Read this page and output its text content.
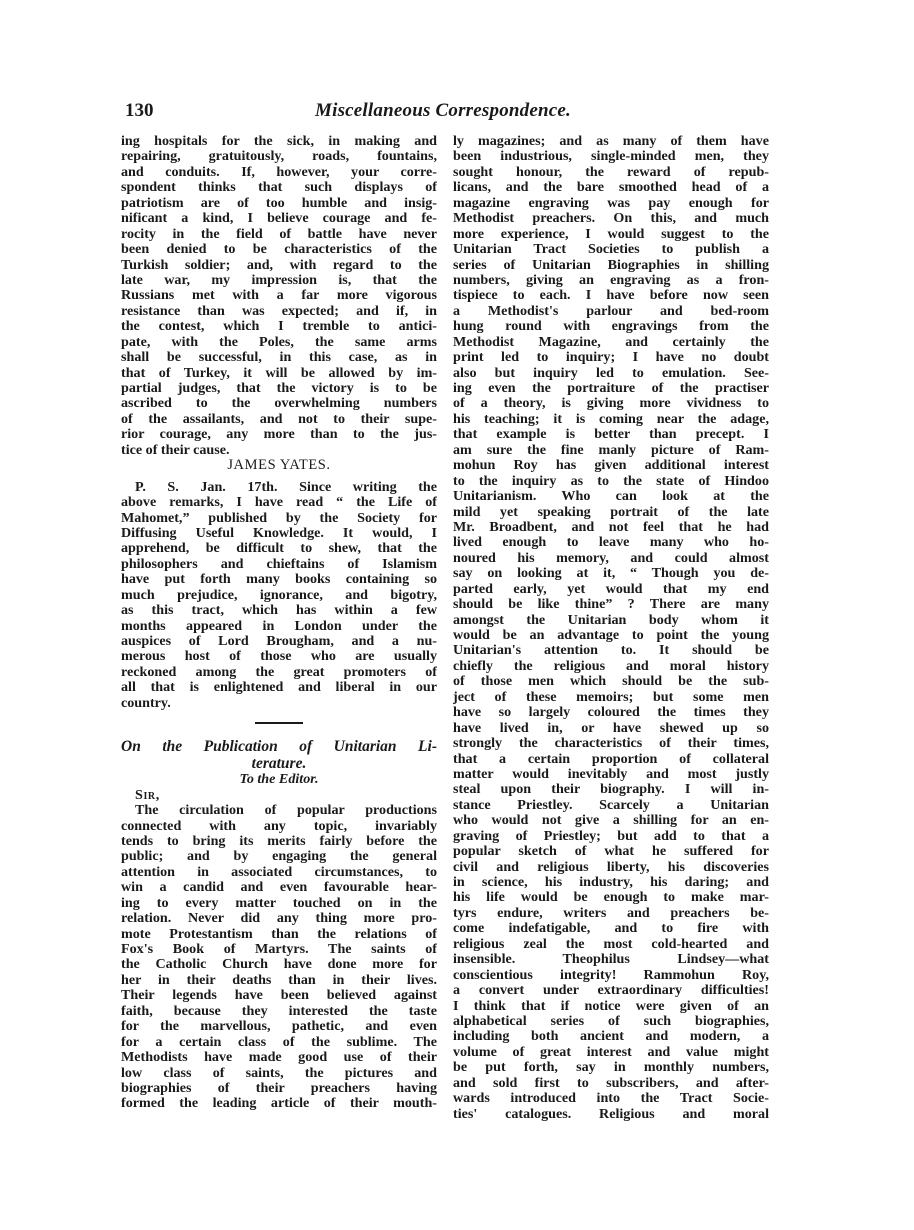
130	Miscellaneous Correspondence.
ing hospitals for the sick, in making and
repairing, gratuitously, roads, fountains,
and conduits. If, however, your corre-
spondent thinks that such displays of
patriotism are of too humble and insig-
nificant a kind, I believe courage and fe-
rocity in the field of battle have never
been denied to be characteristics of the
Turkish soldier; and, with regard to the
late war, my impression is, that the
Russians met with a far more vigorous
resistance than was expected; and if, in
the contest, which I tremble to antici-
pate, with the Poles, the same arms
shall be successful, in this case, as in
that of Turkey, it will be allowed by im-
partial judges, that the victory is to be
ascribed to the overwhelming numbers
of the assailants, and not to their supe-
rior courage, any more than to the jus-
tice of their cause.
JAMES YATES.
P. S. Jan. 17th. Since writing the
above remarks, I have read “ the Life of
Mahomet,” published by the Society for
Diffusing Useful Knowledge. It would, I
apprehend, be difficult to shew, that the
philosophers and chieftains of Islamism
have put forth many books containing so
much prejudice, ignorance, and bigotry,
as this tract, which has within a few
months appeared in London under the
auspices of Lord Brougham, and a nu-
merous host of those who are usually
reckoned among the great promoters of
all that is enlightened and liberal in our
country.
On the Publication of Unitarian Li-
terature.
To the Editor.
Sir,
The circulation of popular productions
connected with any topic, invariably
tends to bring its merits fairly before the
public; and by engaging the general
attention in associated circumstances, to
win a candid and even favourable hear-
ing to every matter touched on in the
relation. Never did any thing more pro-
mote Protestantism than the relations of
Fox's Book of Martyrs. The saints of
the Catholic Church have done more for
her in their deaths than in their lives.
Their legends have been believed against
faith, because they interested the taste
for the marvellous, pathetic, and even
for a certain class of the sublime. The
Methodists have made good use of their
low class of saints, the pictures and
biographies of their preachers having
formed the leading article of their mouth-
ly magazines; and as many of them have
been industrious, single-minded men, they
sought honour, the reward of repub-
licans, and the bare smoothed head of a
magazine engraving was pay enough for
Methodist preachers. On this, and much
more experience, I would suggest to the
Unitarian Tract Societies to publish a
series of Unitarian Biographies in shilling
numbers, giving an engraving as a fron-
tispiece to each. I have before now seen
a Methodist's parlour and bed-room
hung round with engravings from the
Methodist Magazine, and certainly the
print led to inquiry; I have no doubt
also but inquiry led to emulation. See-
ing even the portraiture of the practiser
of a theory, is giving more vividness to
his teaching; it is coming near the adage,
that example is better than precept. I
am sure the fine manly picture of Ram-
mohun Roy has given additional interest
to the inquiry as to the state of Hindoo
Unitarianism. Who can look at the
mild yet speaking portrait of the late
Mr. Broadbent, and not feel that he had
lived enough to leave many who ho-
noured his memory, and could almost
say on looking at it, “ Though you de-
parted early, yet would that my end
should be like thine” ? There are many
amongst the Unitarian body whom it
would be an advantage to point the young
Unitarian's attention to. It should be
chiefly the religious and moral history
of those men which should be the sub-
ject of these memoirs; but some men
have so largely coloured the times they
have lived in, or have shewed up so
strongly the characteristics of their times,
that a certain proportion of collateral
matter would inevitably and most justly
steal upon their biography. I will in-
stance Priestley. Scarcely a Unitarian
who would not give a shilling for an en-
graving of Priestley; but add to that a
popular sketch of what he suffered for
civil and religious liberty, his discoveries
in science, his industry, his daring; and
his life would be enough to make mar-
tyrs endure, writers and preachers be-
come indefatigable, and to fire with
religious zeal the most cold-hearted and
insensible. Theophilus Lindsey—what
conscientious integrity! Rammohun Roy,
a convert under extraordinary difficulties!
I think that if notice were given of an
alphabetical series of such biographies,
including both ancient and modern, a
volume of great interest and value might
be put forth, say in monthly numbers,
and sold first to subscribers, and after-
wards introduced into the Tract Socie-
ties' catalogues. Religious and moral
